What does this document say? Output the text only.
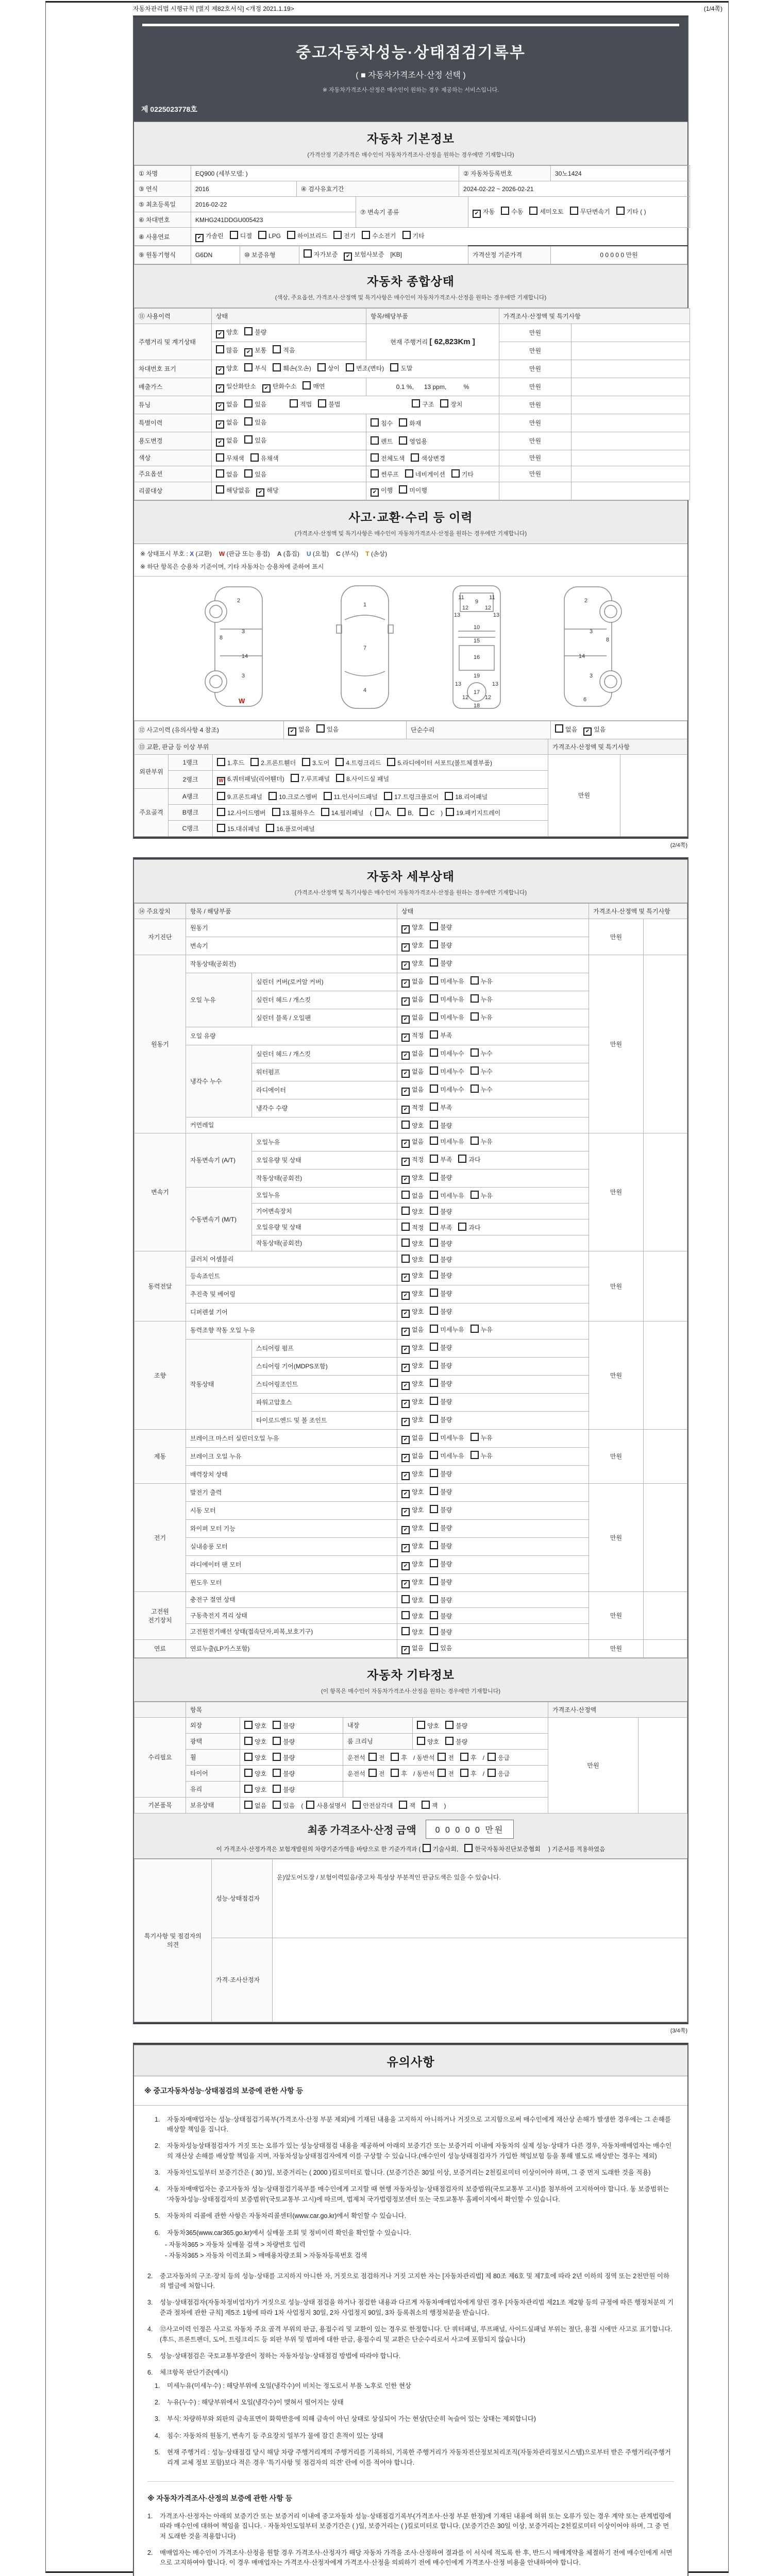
자동차관리법 시행규칙 [별지 제82호서식] <개정 2021.1.19>	(1/4쪽)
중고자동차성능·상태점검기록부
( ■ 자동차가격조사·산정 선택 )
※ 자동차가격조사·산정은 매수인이 원하는 경우 제공하는 서비스입니다.
제 0225023778호
자동차 기본정보
(가격산정 기준가격은 매수인이 자동차가격조사·산정을 원하는 경우에만 기재합니다)
① 차명	EQ900 (세부모델: )		② 자동차등록번호	30노1424
③ 연식	2016	④ 검사유효기간	2024-02-22 ~ 2026-02-21	
⑤ 최초등록일	2016-02-22	⑦ 변속기 종류	✔ 자동 수동 세미오토 무단변속기 기타 ( )
⑥ 차대번호	KMHG241DDGU005423		
⑧ 사용연료	✔ 가솔린	디젤	LPG	하이브리드	전기	수소전기	기타
⑨ 원동기형식	G6DN	⑩ 보증유형	자가보증 ✔ 보험사보증 [KB]	가격산정 기준가격	0 0 0 0 0 만원
자동차 종합상태
(색상, 주요옵션, 가격조사·산정액 및 특기사항은 매수인이 자동차가격조사·산정을 원하는 경우에만 기재합니다)
⑪ 사용이력	상태	항목/해당부품	가격조사·산정액 및 특기사항	
주행거리 및 계기상태	✔ 양호 불량	현재 주행거리 [ 62,823Km ]	만원	
	많음 ✔ 보통 적음		만원	
차대번호 표기	✔ 양호 부식 훼손(오손) 상이 변조(변타) 도말		만원	
배출가스	✔ 일산화탄소 ✔ 탄화수소 매연	0.1 %,      13 ppm,          %	만원	
튜닝	✔ 없음 있음 적법 불법 구조 장치		만원	
특별이력	✔ 없음 있음	침수 화재	만원	
용도변경	✔ 없음 있음	렌트 영업용	만원	
색상	무채색 유채색	전체도색 색상변경	만원	
주요옵션	없음 있음	썬루프 네비게이션 기타	만원	
리콜대상	해당없음 ✔ 해당	✔ 이행 미이행		
사고·교환·수리 등 이력
(가격조사·산정액 및 특기사항은 매수인이 자동차가격조사·산정을 원하는 경우에만 기재합니다)
※ 상태표시 부호 : X (교환) W (판금 또는 용접) A (흠집) U (요철) C (부식) T (손상)
※ 하단 항목은 승용차 기준이며, 기타 자동차는 승용차에 준하여 표시
2
8
3
14
3
1
7
4
9
11	11
13	13
12	12
10
15
16
19
13	13
12	12
17
18
2
3
8
14
3
6
W
⑫ 사고이력 (유의사항 4 참조)	✔ 없음	있음	단순수리	없음 ✔ 있음
⑬ 교환, 판금 등 이상 부위			가격조사·산정액 및 특기사항	
외판부위	1랭크	1.후드 2.프론트휀더 3.도어 4.트렁크리드 5.라디에이터 서포트(볼트체결부품)	만원	
	2랭크	W 6.쿼터패널(리어휀더) 7.루프패널 8.사이드실 패널		
주요골격	A랭크	9.프론트패널 10.크로스멤버 11.인사이드패널 17.트렁크플로어 18.리어패널		
	B랭크	12.사이드멤버 13.휠하우스 14.필러패널 ( A, B, C ) 19.패키지트레이		
	C랭크	15.대쉬패널 16.플로어패널		
(2/4쪽)
자동차 세부상태
(가격조사·산정액 및 특기사항은 매수인이 자동차가격조사·산정을 원하는 경우에만 기재합니다)
⑭ 주요장치	항목 / 해당부품		상태	가격조사·산정액 및 특기사항	
자기진단	원동기		✔ 양호 불량	만원	
	변속기		✔ 양호 불량		
원동기	작동상태(공회전)		✔ 양호 불량	만원	
	오일 누유	실린더 커버(로커암 커버)	✔ 없음 미세누유 누유		
		실린더 헤드 / 개스킷	✔ 없음 미세누유 누유		
		실린더 블록 / 오일팬	✔ 없음 미세누유 누유		
	오일 유량		✔ 적정 부족		
	냉각수 누수	실린더 헤드 / 개스킷	✔ 없음 미세누수 누수		
		워터펌프	✔ 없음 미세누수 누수		
		라디에이터	✔ 없음 미세누수 누수		
		냉각수 수량	✔ 적정 부족		
	커먼레일		양호 불량		
변속기	자동변속기 (A/T)	오일누유	✔ 없음 미세누유 누유	만원	
		오일유량 및 상태	✔ 적정 부족 과다		
		작동상태(공회전)	✔ 양호 불량		
	수동변속기 (M/T)	오일누유	없음 미세누유 누유		
		기어변속장치	양호 불량		
		오일유량 및 상태	적정 부족 과다		
		작동상태(공회전)	양호 불량		
동력전달	클러치 어셈블리		양호 불량	만원	
	등속죠인트		✔ 양호 불량		
	추진축 및 베어링		✔ 양호 불량		
	디퍼렌셜 기어		✔ 양호 불량		
조향	동력조향 작동 오일 누유		✔ 없음 미세누유 누유	만원	
	작동상태	스티어링 펌프	✔ 양호 불량		
		스티어링 기어(MDPS포함)	✔ 양호 불량		
		스티어링조인트	✔ 양호 불량		
		파워고압호스	✔ 양호 불량		
		타이로드엔드 및 볼 조인트	✔ 양호 불량		
제동	브레이크 마스터 실린더오일 누유		✔ 없음 미세누유 누유	만원	
	브레이크 오일 누유		✔ 없음 미세누유 누유		
	배력장치 상태		✔ 양호 불량		
전기	발전기 출력		✔ 양호 불량	만원	
	시동 모터		✔ 양호 불량		
	와이퍼 모터 기능		✔ 양호 불량		
	실내송풍 모터		✔ 양호 불량		
	라디에이터 팬 모터		✔ 양호 불량		
	윈도우 모터		✔ 양호 불량		
고전원 전기장치	충전구 절연 상태		양호 불량	만원	
	구동축전지 격리 상태		양호 불량		
	고전원전기배선 상태(접속단자,피복,보호기구)		양호 불량		
연료	연료누출(LP가스포함)		✔ 없음 있음	만원	
자동차 기타정보
(이 항목은 매수인이 자동차가격조사·산정을 원하는 경우에만 기재합니다)
	항목				가격조사·산정액	
수리필요	외장	양호 불량	내장	양호 불량	만원	
	광택	양호 불량	룸 크리닝	양호 불량		
	휠	양호 불량	운전석 전 후 / 동반석 전 후 / 응급			
	타이어	양호 불량	운전석 전 후 / 동반석 전 후 / 응급			
	유리	양호 불량				
기본품목	보유상태	없음 있음 ( 사용설명서 안전삼각대 잭 잭 )				
최종 가격조사·산정 금액	0 0 0 0 0 만원
이 가격조사·산정가격은 보험개발원의 차량기준가액을 바탕으로 한 기준가격과 ( 기술사회,	한국자동차진단보증협회 ) 기준서를 적용하였음
특기사항 및 점검자의 의견	성능·상태점검자	운)앞도어도장 / 보험이력있음/중고차 특성상 부분적인 판금도색은 있을 수 있습니다.
	가격·조사산정자	
(3/4쪽)
유의사항
※ 중고자동차성능·상태점검의 보증에 관한 사항 등
1.	자동차매매업자는 성능·상태점검기록부(가격조사·산정 부분 제외)에 기재된 내용을 고지하지 아니하거나 거짓으로 고지함으로써 매수인에게 재산상 손해가 발생한 경우에는 그 손해를 배상할 책임을 집니다.
2.	자동차성능상태점검자가 거짓 또는 오류가 있는 성능상태점검 내용을 제공하여 아래의 보증기간 또는 보증거리 이내에 자동차의 실제 성능·상태가 다른 경우, 자동차매매업자는 매수인의 재산상 손해를 배상할 책임을 지며, 자동차성능상태점검자에게 이를 구상할 수 있습니다.(매수인이 성능상태점검자가 가입한 책임보험 등을 통해 별도로 배상받는 경우는 제외)
3.	자동차인도일부터 보증기간은 ( 30 )일, 보증거리는 ( 2000 )킬로미터로 합니다. (보증기간은 30일 이상, 보증거리는 2천킬로미터 이상이어야 하며, 그 중 먼저 도래한 것을 적용)
4.	자동차매매업자는 중고자동차 성능·상태점검기록부를 매수인에게 고지할 때 현행 자동차성능·상태점검자의 보증범위(국토교통부 고시)를 첨부하여 고지하여야 합니다. 동 보증범위는 '자동차성능·상태점검자의 보증범위'(국토교통부 고시)에 따르며, 법제처 국가법령정보센터 또는 국토교통부 홈페이지에서 확인할 수 있습니다.
5.	자동차의 리콜에 관한 사항은 자동차리콜센터(www.car.go.kr)에서 확인할 수 있습니다.
6.	자동차365(www.car365.go.kr)에서 실매물 조회 및 정비이력 확인을 확인할 수 있습니다.
- 자동차365 > 자동차 실매물 검색 > 차량번호 입력
- 자동차365 > 자동차 이력조회 > 매매용차량조회 > 자동차등록번호 검색
2.	중고자동차의 구조·장치 등의 성능·상태를 고지하지 아니한 자, 거짓으로 점검하거나 거짓 고지한 자는 [자동차관리법] 제 80조 제6호 및 제7호에 따라 2년 이하의 징역 또는 2천만원 이하의 벌금에 처합니다.
3.	성능·상태점검자(자동차정비업자)가 거짓으로 성능·상태 점검을 하거나 점검한 내용과 다르게 자동차매매업자에게 알린 경우 [자동차관리법 제21조 제2항 등의 규정에 따른 행정처분의 기준과 절차에 관한 규칙] 제5조 1항에 따라 1차 사업정지 30일, 2차 사업정지 90일, 3차 등록취소의 행정처분을 받습니다.
4.	⑫사고이력 인정은 사고로 자동차 주요 골격 부위의 판금, 용접수리 및 교환이 있는 경우로 한정합니다. 단 쿼터패널, 루프패널, 사이드실패널 부위는 절단, 용접 시에만 사고로 표기합니다. (후드, 프론트펜더, 도어, 트렁크리드 등 외판 부위 및 범퍼에 대한 판금, 용접수리 및 교환은 단순수리로서 사고에 포함되지 않습니다)
5.	성능·상태점검은 국토교통부장관이 정하는 자동차성능·상태점검 방법에 따라야 합니다.
6.	체크항목 판단기준(예시)
1.	미세누유(미세누수) : 해당부위에 오일(냉각수)이 비치는 정도로서 부품 노후로 인한 현상
2.	누유(누수) : 해당부위에서 오일(냉각수)이 맺혀서 떨어지는 상태
3.	부식: 차량하부와 외판의 금속표면이 화학반응에 의해 금속이 아닌 상태로 상실되어 가는 현상(단순히 녹슬어 있는 상태는 제외합니다)
4.	침수: 자동차의 원동기, 변속기 등 주요장치 일부가 물에 잠긴 흔적이 있는 상태
5.	현재 주행거리 : 성능·상태점검 당시 해당 차량 주행거리계의 주행거리를 기록하되, 기록한 주행거리가 자동차전산정보처리조직(자동차관리정보시스템)으로부터 받은 주행거리(주행거리계 교체 정보 포함)보다 적은 경우 '특기사항 및 점검자의 의견' 란에 이를 적어야 합니다.
※ 자동차가격조사·산정의 보증에 관한 사항 등
1.	가격조사·산정자는 아래의 보증기간 또는 보증거리 이내에 중고자동차 성능·상태점검기록부(가격조사·산정 부분 한정)에 기재된 내용에 허위 또는 오류가 있는 경우 계약 또는 관계법령에 따라 매수인에 대하여 책임을 집니다. · 자동차인도일부터 보증기간은 ( )일, 보증거리는 ( )킬로미터로 합니다. (보증기간은 30일 이상, 보증거리는 2천킬로미터 이상이어야 하며, 그 중 먼저 도래한 것을 적용합니다)
2.	매매업자는 매수인이 가격조사·산정을 원할 경우 가격조사·산정자가 해당 자동차 가격을 조사·산정하여 결과를 이 서식에 적도록 한 후, 반드시 매매계약을 체결하기 전에 매수인에게 서면으로 고지하여야 합니다. 이 경우 매매업자는 가격조사·산정자에게 가격조사·산정을 의뢰하기 전에 매수인에게 가격조사·산정 비용을 안내하여야 합니다.
